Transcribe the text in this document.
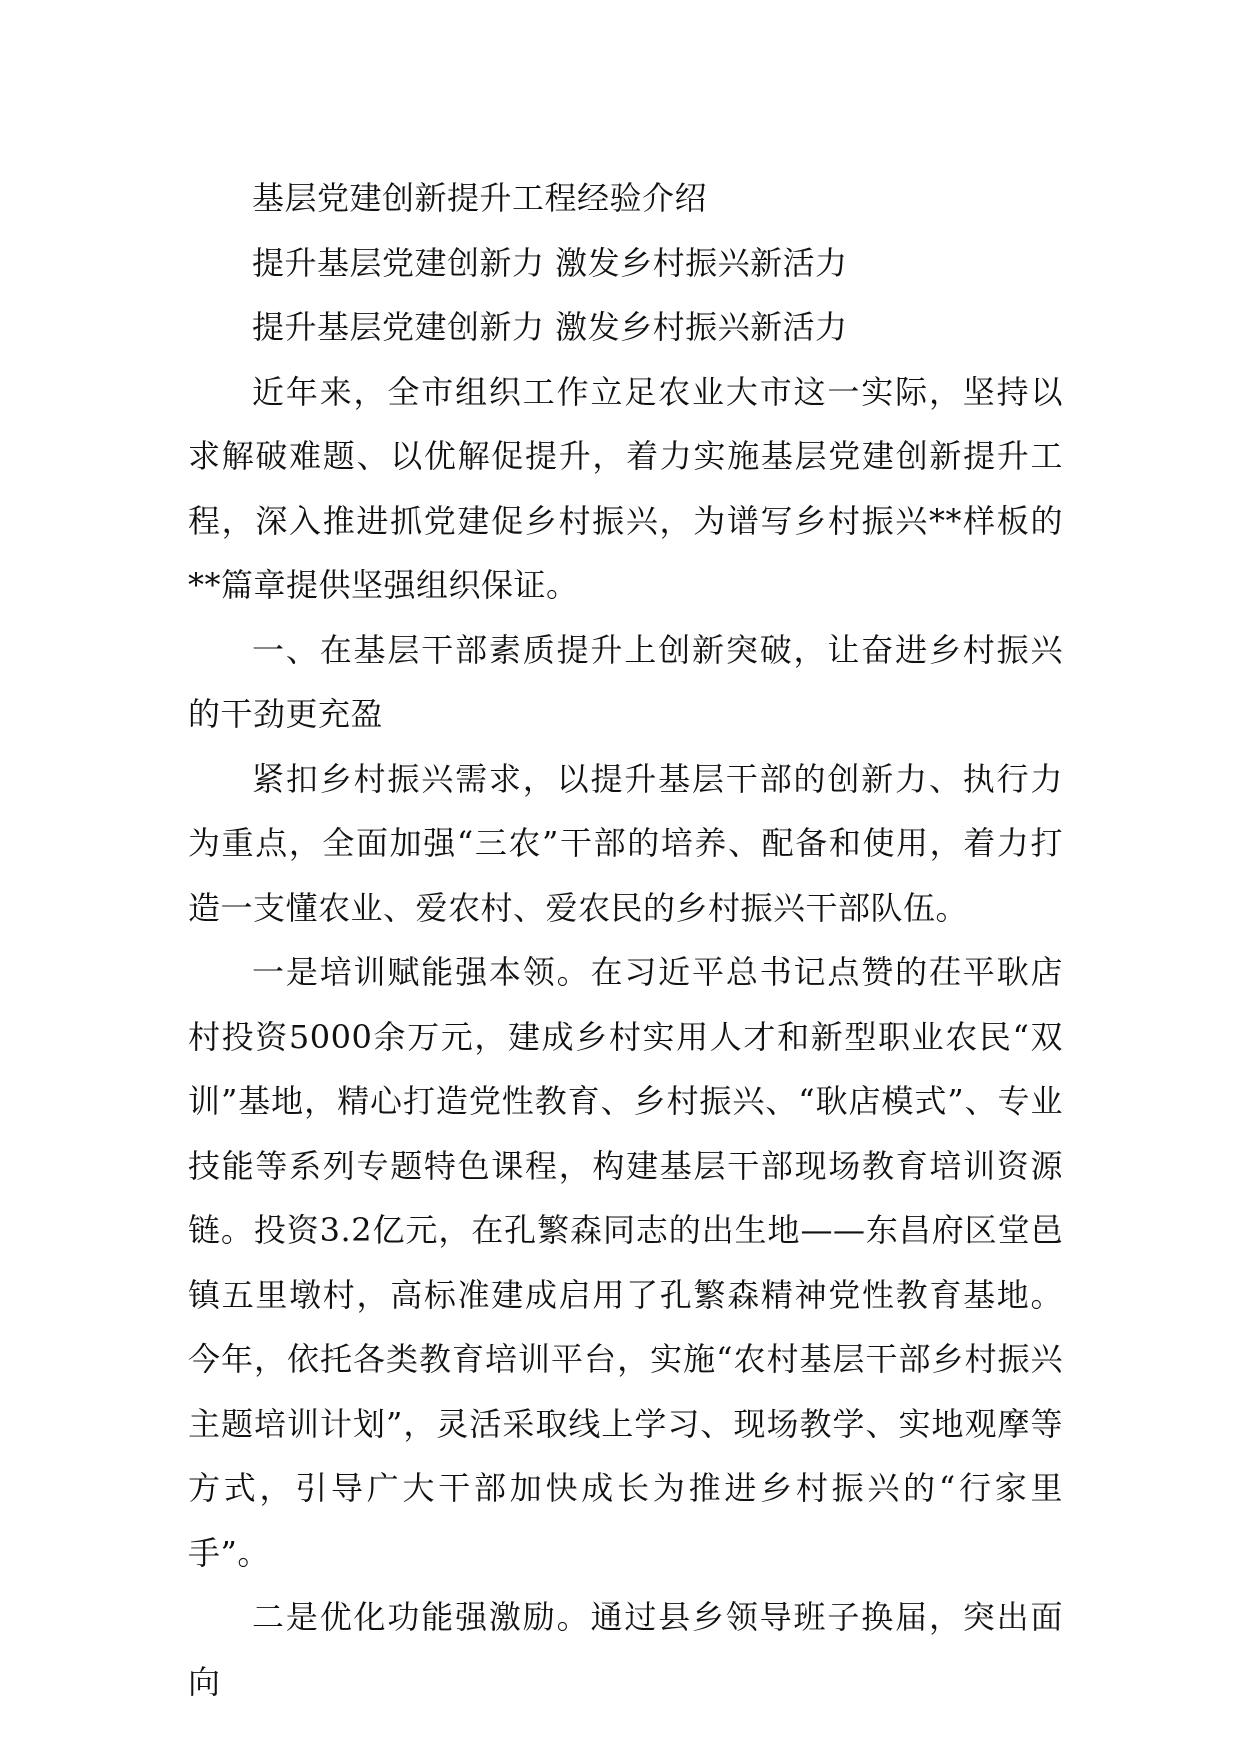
基层党建创新提升工程经验介绍

提升基层党建创新力 激发乡村振兴新活力

提升基层党建创新力 激发乡村振兴新活力

近年来，全市组织工作立足农业大市这一实际，坚持以求解破难题、以优解促提升，着力实施基层党建创新提升工程，深入推进抓党建促乡村振兴，为谱写乡村振兴**样板的**篇章提供坚强组织保证。

一、在基层干部素质提升上创新突破，让奋进乡村振兴的干劲更充盈

紧扣乡村振兴需求，以提升基层干部的创新力、执行力为重点，全面加强“三农”干部的培养、配备和使用，着力打造一支懂农业、爱农村、爱农民的乡村振兴干部队伍。

一是培训赋能强本领。在习近平总书记点赞的茌平耿店村投资5000余万元，建成乡村实用人才和新型职业农民“双训”基地，精心打造党性教育、乡村振兴、“耿店模式”、专业技能等系列专题特色课程，构建基层干部现场教育培训资源链。投资3.2亿元，在孔繁森同志的出生地——东昌府区堂邑镇五里墩村，高标准建成启用了孔繁森精神党性教育基地。今年，依托各类教育培训平台，实施“农村基层干部乡村振兴主题培训计划”，灵活采取线上学习、现场教学、实地观摩等方式，引导广大干部加快成长为推进乡村振兴的“行家里手”。

二是优化功能强激励。通过县乡领导班子换届，突出面向
